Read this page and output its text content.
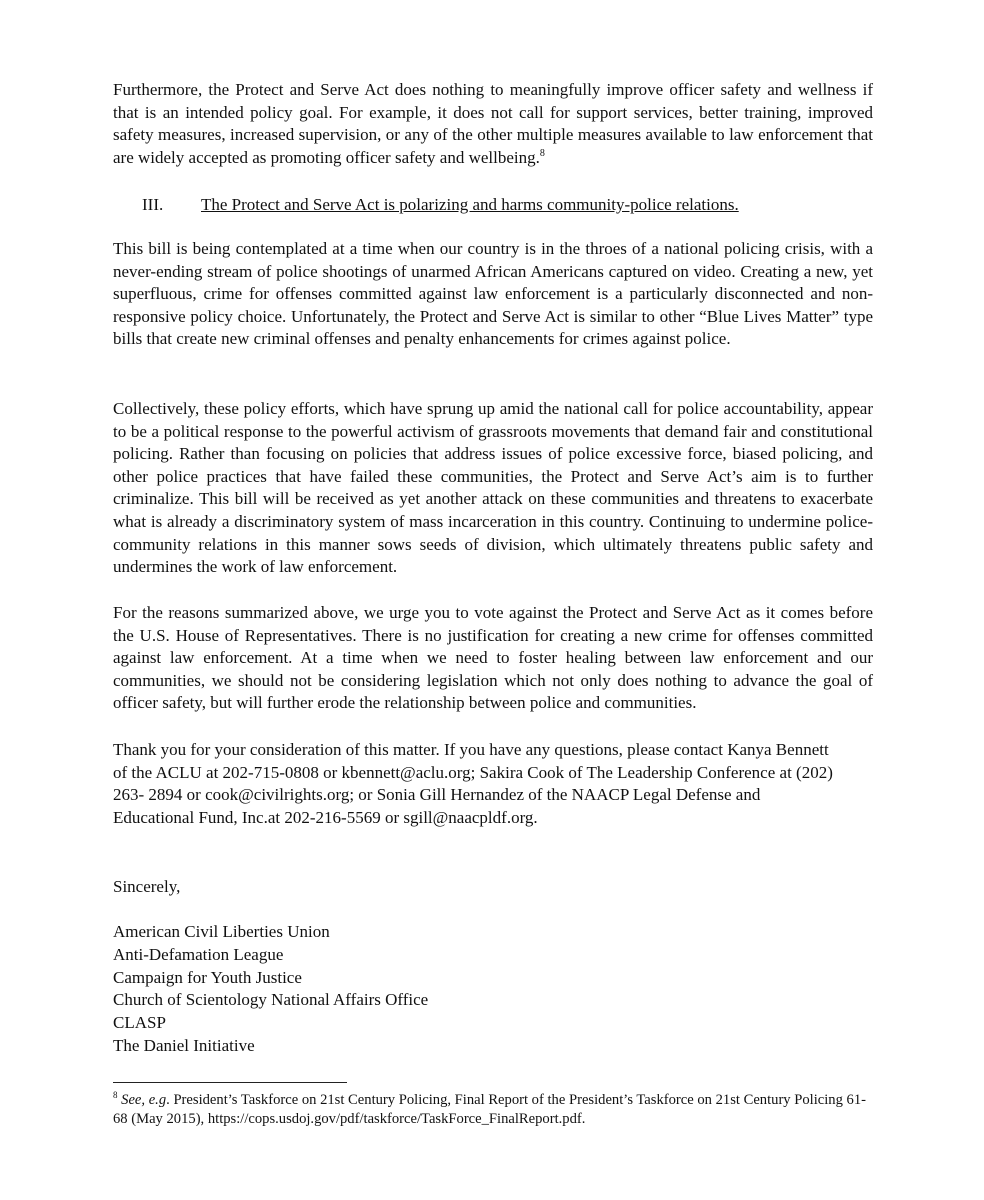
Furthermore, the Protect and Serve Act does nothing to meaningfully improve officer safety and wellness if that is an intended policy goal. For example, it does not call for support services, better training, improved safety measures, increased supervision, or any of the other multiple measures available to law enforcement that are widely accepted as promoting officer safety and wellbeing.$^8$

III. The Protect and Serve Act is polarizing and harms community-police relations.

This bill is being contemplated at a time when our country is in the throes of a national policing crisis, with a never-ending stream of police shootings of unarmed African Americans captured on video. Creating a new, yet superfluous, crime for offenses committed against law enforcement is a particularly disconnected and non-responsive policy choice. Unfortunately, the Protect and Serve Act is similar to other “Blue Lives Matter” type bills that create new criminal offenses and penalty enhancements for crimes against police.

Collectively, these policy efforts, which have sprung up amid the national call for police accountability, appear to be a political response to the powerful activism of grassroots movements that demand fair and constitutional policing. Rather than focusing on policies that address issues of police excessive force, biased policing, and other police practices that have failed these communities, the Protect and Serve Act’s aim is to further criminalize. This bill will be received as yet another attack on these communities and threatens to exacerbate what is already a discriminatory system of mass incarceration in this country. Continuing to undermine police-community relations in this manner sows seeds of division, which ultimately threatens public safety and undermines the work of law enforcement.

For the reasons summarized above, we urge you to vote against the Protect and Serve Act as it comes before the U.S. House of Representatives. There is no justification for creating a new crime for offenses committed against law enforcement. At a time when we need to foster healing between law enforcement and our communities, we should not be considering legislation which not only does nothing to advance the goal of officer safety, but will further erode the relationship between police and communities.

Thank you for your consideration of this matter. If you have any questions, please contact Kanya Bennett
of the ACLU at 202-715-0808 or kbennett@aclu.org; Sakira Cook of The Leadership Conference at (202)
263- 2894 or cook@civilrights.org; or Sonia Gill Hernandez of the NAACP Legal Defense and
Educational Fund, Inc.at 202-216-5569 or sgill@naacpldf.org.
Sincerely,
American Civil Liberties Union
Anti-Defamation League
Campaign for Youth Justice
Church of Scientology National Affairs Office
CLASP
The Daniel Initiative
$^8$ See, e.g. President’s Taskforce on 21st Century Policing, Final Report of the President’s Taskforce on 21st Century Policing 61-68 (May 2015), https://cops.usdoj.gov/pdf/taskforce/TaskForce_FinalReport.pdf.
